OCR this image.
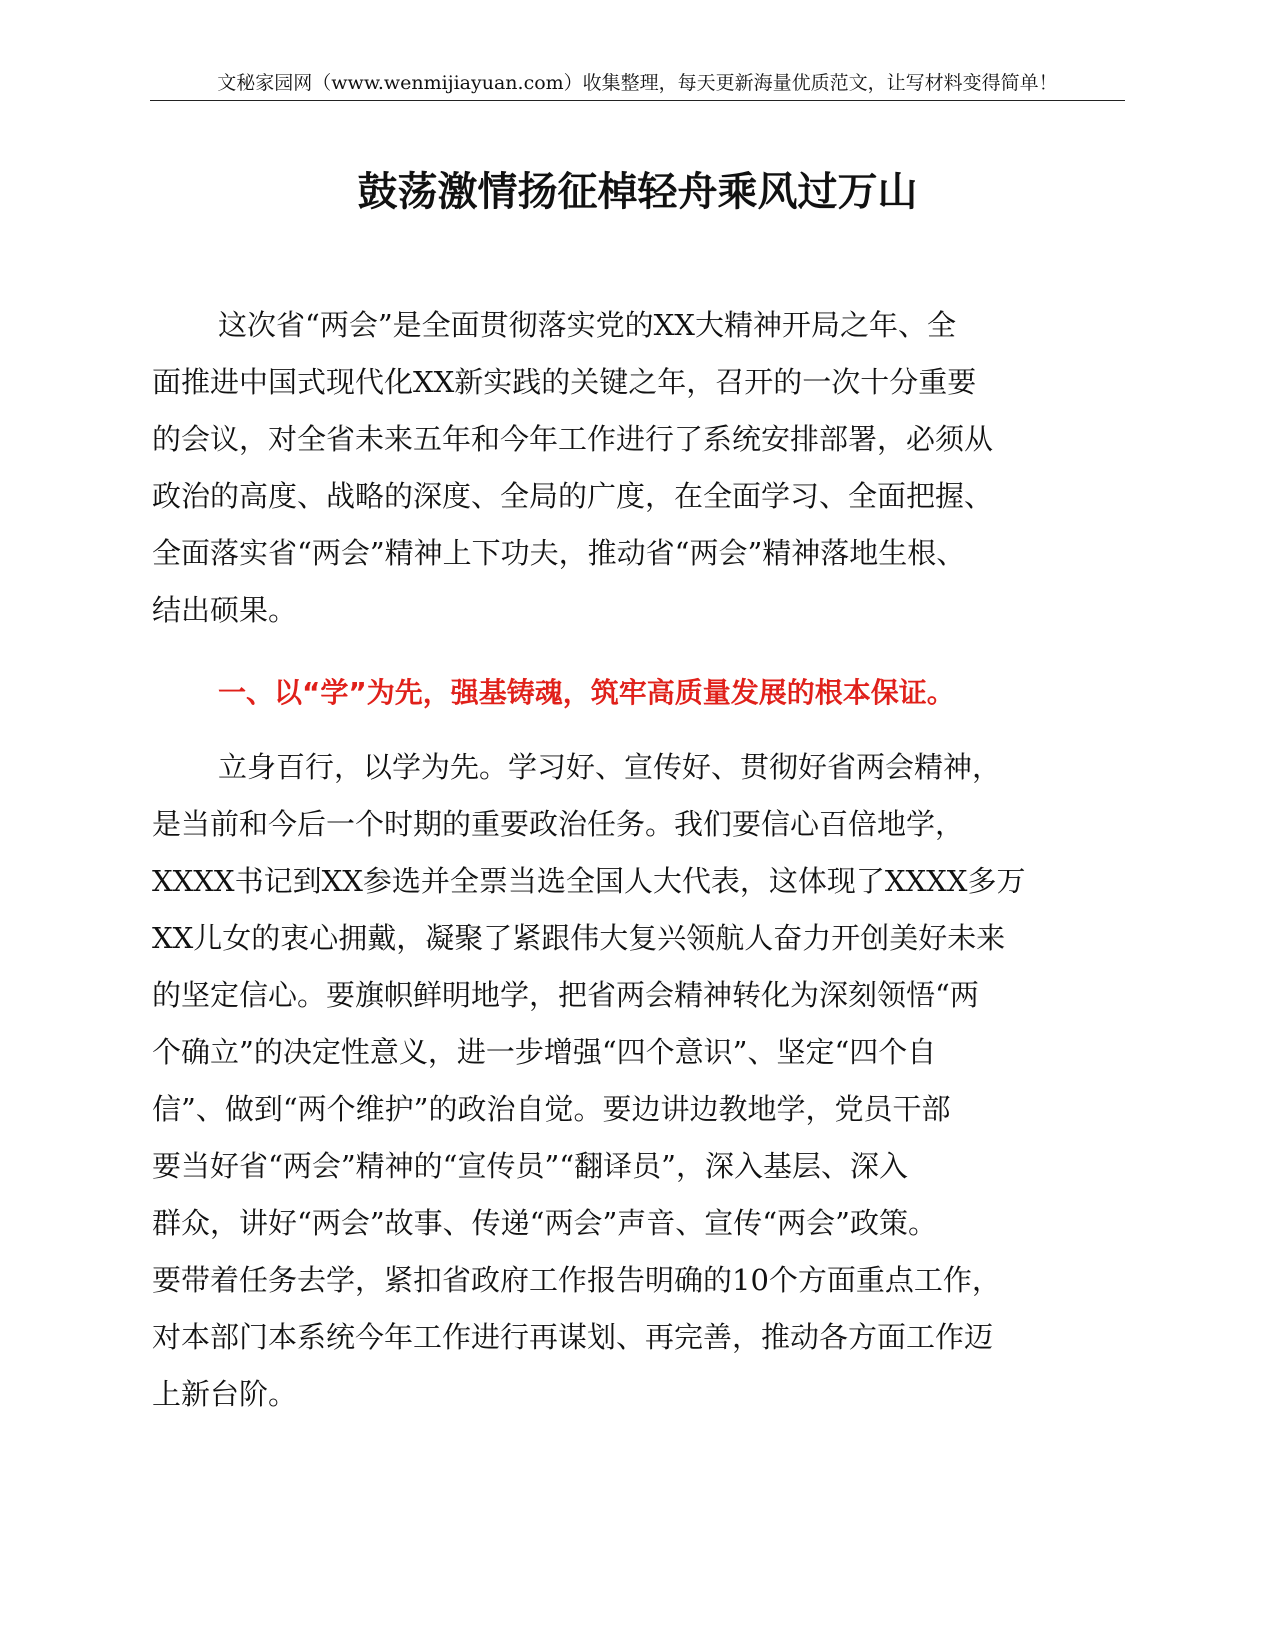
文秘家园网（www.wenmijiayuan.com）收集整理，每天更新海量优质范文，让写材料变得简单！
鼓荡激情扬征棹轻舟乘风过万山
这次省“两会”是全面贯彻落实党的XX大精神开局之年、全
面推进中国式现代化XX新实践的关键之年，召开的一次十分重要
的会议，对全省未来五年和今年工作进行了系统安排部署，必须从
政治的高度、战略的深度、全局的广度，在全面学习、全面把握、
全面落实省“两会”精神上下功夫，推动省“两会”精神落地生根、
结出硕果。
一、以“学”为先，强基铸魂，筑牢高质量发展的根本保证。
立身百行，以学为先。学习好、宣传好、贯彻好省两会精神，
是当前和今后一个时期的重要政治任务。我们要信心百倍地学，
XXXX书记到XX参选并全票当选全国人大代表，这体现了XXXX多万
XX儿女的衷心拥戴，凝聚了紧跟伟大复兴领航人奋力开创美好未来
的坚定信心。要旗帜鲜明地学，把省两会精神转化为深刻领悟“两
个确立”的决定性意义，进一步增强“四个意识”、坚定“四个自
信”、做到“两个维护”的政治自觉。要边讲边教地学，党员干部
要当好省“两会”精神的“宣传员”“翻译员”，深入基层、深入
群众，讲好“两会”故事、传递“两会”声音、宣传“两会”政策。
要带着任务去学，紧扣省政府工作报告明确的10个方面重点工作，
对本部门本系统今年工作进行再谋划、再完善，推动各方面工作迈
上新台阶。
